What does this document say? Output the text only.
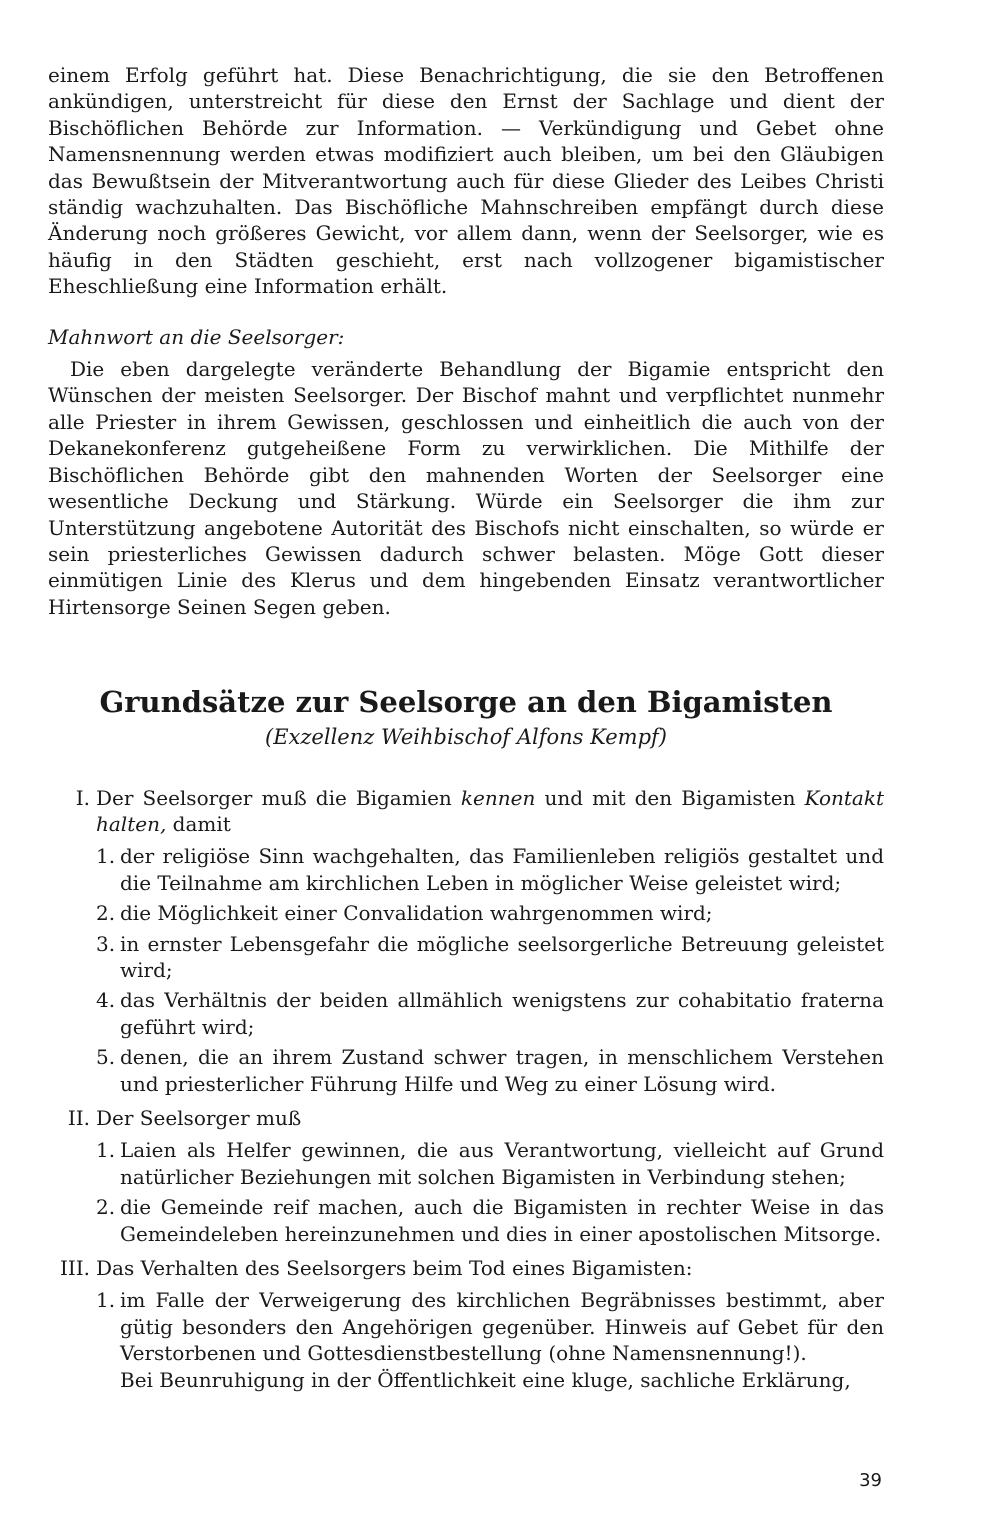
einem Erfolg geführt hat. Diese Benachrichtigung, die sie den Betroffenen ankündigen, unterstreicht für diese den Ernst der Sachlage und dient der Bischöflichen Behörde zur Information. — Verkündigung und Gebet ohne Namensnennung werden etwas modifiziert auch bleiben, um bei den Gläubigen das Bewußtsein der Mitverantwortung auch für diese Glieder des Leibes Christi ständig wachzuhalten. Das Bischöfliche Mahnschreiben empfängt durch diese Änderung noch größeres Gewicht, vor allem dann, wenn der Seelsorger, wie es häufig in den Städten geschieht, erst nach vollzogener bigamistischer Eheschließung eine Information erhält.

Mahnwort an die Seelsorger:

Die eben dargelegte veränderte Behandlung der Bigamie entspricht den Wünschen der meisten Seelsorger. Der Bischof mahnt und verpflichtet nunmehr alle Priester in ihrem Gewissen, geschlossen und einheitlich die auch von der Dekanekonferenz gutgeheißene Form zu verwirklichen. Die Mithilfe der Bischöflichen Behörde gibt den mahnenden Worten der Seelsorger eine wesentliche Deckung und Stärkung. Würde ein Seelsorger die ihm zur Unterstützung angebotene Autorität des Bischofs nicht einschalten, so würde er sein priesterliches Gewissen dadurch schwer belasten. Möge Gott dieser einmütigen Linie des Klerus und dem hingebenden Einsatz verantwortlicher Hirtensorge Seinen Segen geben.

Grundsätze zur Seelsorge an den Bigamisten

(Exzellenz Weihbischof Alfons Kempf)

I. Der Seelsorger muß die Bigamien kennen und mit den Bigamisten Kontakt halten, damit
1. der religiöse Sinn wachgehalten, das Familienleben religiös gestaltet und die Teilnahme am kirchlichen Leben in möglicher Weise geleistet wird;
2. die Möglichkeit einer Convalidation wahrgenommen wird;
3. in ernster Lebensgefahr die mögliche seelsorgerliche Betreuung geleistet wird;
4. das Verhältnis der beiden allmählich wenigstens zur cohabitatio fraterna geführt wird;
5. denen, die an ihrem Zustand schwer tragen, in menschlichem Verstehen und priesterlicher Führung Hilfe und Weg zu einer Lösung wird.
II. Der Seelsorger muß
1. Laien als Helfer gewinnen, die aus Verantwortung, vielleicht auf Grund natürlicher Beziehungen mit solchen Bigamisten in Verbindung stehen;
2. die Gemeinde reif machen, auch die Bigamisten in rechter Weise in das Gemeindeleben hereinzunehmen und dies in einer apostolischen Mitsorge.
III. Das Verhalten des Seelsorgers beim Tod eines Bigamisten:
1. im Falle der Verweigerung des kirchlichen Begräbnisses bestimmt, aber gütig besonders den Angehörigen gegenüber. Hinweis auf Gebet für den Verstorbenen und Gottesdienstbestellung (ohne Namensnennung!).
Bei Beunruhigung in der Öffentlichkeit eine kluge, sachliche Erklärung,
39
